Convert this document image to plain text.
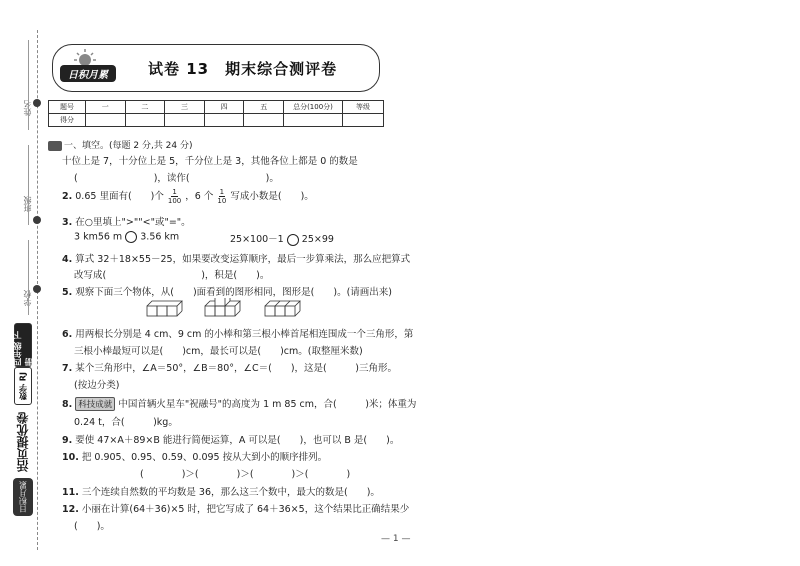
姓名
班级
学校
四年级 下册
数学 RJ
活页提优卷
日积月累
日积月累	试卷 13　期末综合测评卷
题号	一	二	三	四	五	总分(100分)	等级
得分							
一、填空。(每题 2 分,共 24 分)
十位上是 7，十分位上是 5，千分位上是 3，其他各位上都是 0 的数是
(　　　　　　　　)，读作(　　　　　　　　)。
2. 0.65 里面有(　　)个 $\frac{1}{100}$ ，6 个 $\frac{1}{10}$ 写成小数是(　　)。
3. 在○里填上">""<"或"="。
3 km56 m 3.56 km	25×100－1 25×99
4. 算式 32＋18×55－25，如果要改变运算顺序，最后一步算乘法，那么应把算式
改写成(　　　　　　　　　　)，积是(　　)。
5. 观察下面三个物体，从(　　)面看到的图形相同，图形是(　　)。(请画出来)
6. 用两根长分别是 4 cm、9 cm 的小棒和第三根小棒首尾相连围成一个三角形，第
三根小棒最短可以是(　　)cm，最长可以是(　　)cm。(取整厘米数)
7. 某个三角形中，∠A＝50°，∠B＝80°，∠C＝(　　)，这是(　　　)三角形。
(按边分类)
8. 科技成就 中国首辆火星车"祝融号"的高度为 1 m 85 cm，合(　　　)米；体重为
0.24 t，合(　　　)kg。
9. 要使 47×A＋89×B 能进行简便运算，A 可以是(　　)，也可以 B 是(　　)。
10. 把 0.905、0.95、0.59、0.095 按从大到小的顺序排列。
(　　　　)＞(　　　　)＞(　　　　)＞(　　　　)
11. 三个连续自然数的平均数是 36，那么这三个数中，最大的数是(　　)。
12. 小丽在计算(64＋36)×5 时，把它写成了 64＋36×5，这个结果比正确结果少
(　　)。
— 1 —
